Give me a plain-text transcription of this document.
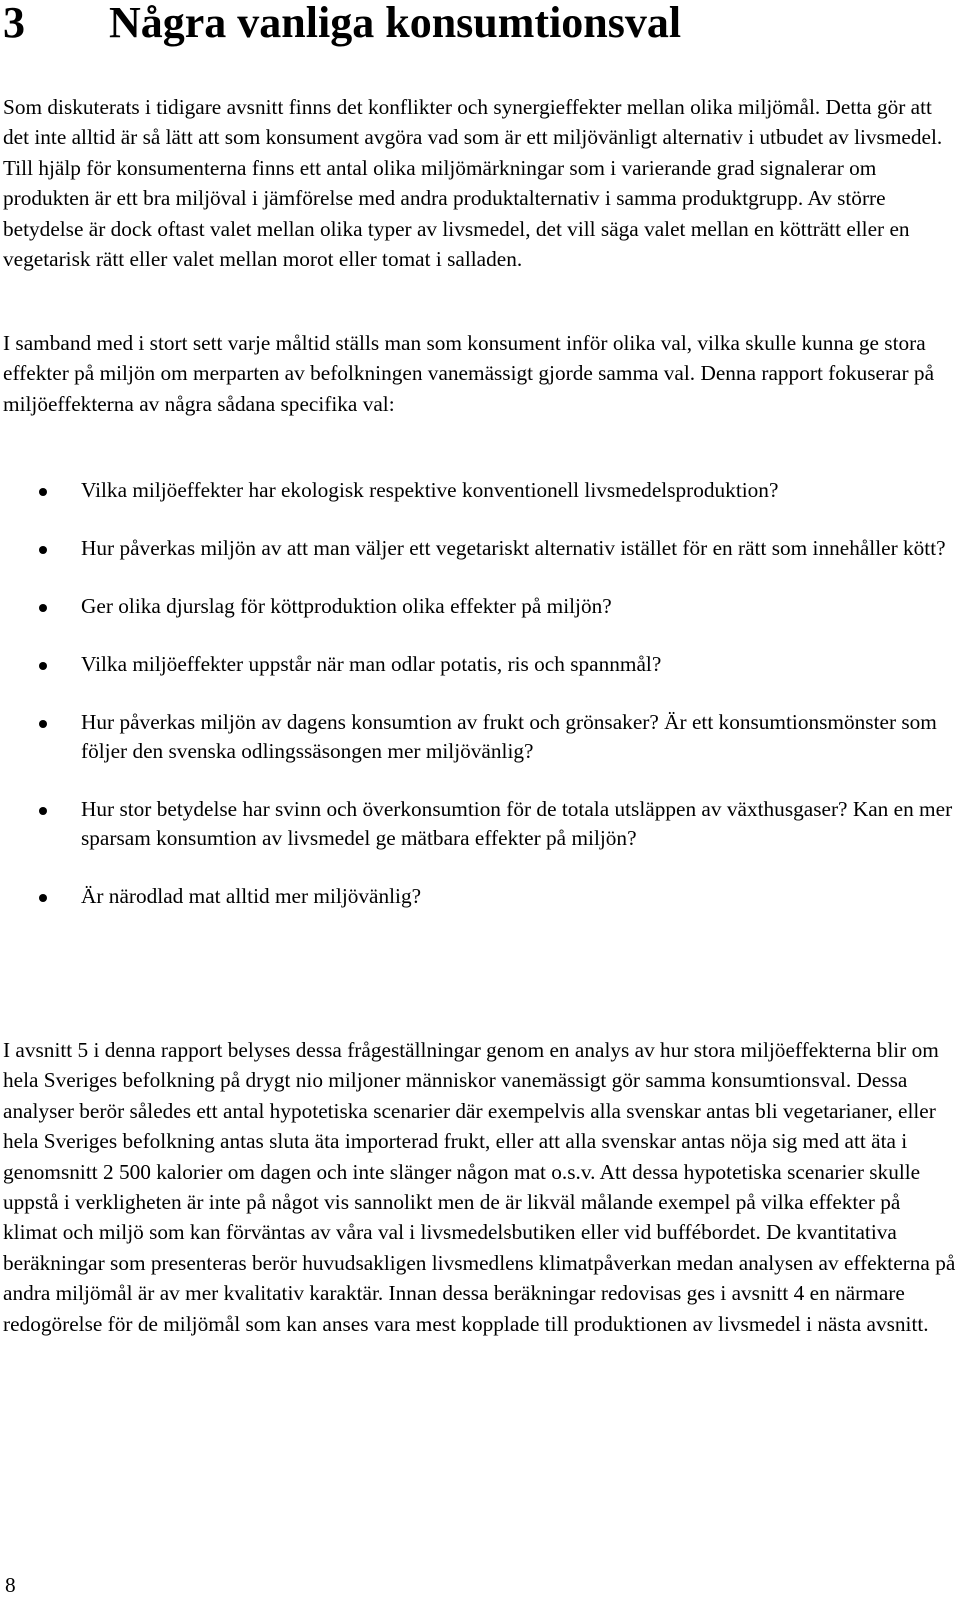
3	Några vanliga konsumtionsval

Som diskuterats i tidigare avsnitt finns det konflikter och synergieffekter mellan olika miljömål. Detta gör att det inte alltid är så lätt att som konsument avgöra vad som är ett miljövänligt alternativ i utbudet av livsmedel. Till hjälp för konsumenterna finns ett antal olika miljömärkningar som i varierande grad signalerar om produkten är ett bra miljöval i jämförelse med andra produktalternativ i samma produktgrupp. Av större betydelse är dock oftast valet mellan olika typer av livsmedel, det vill säga valet mellan en kötträtt eller en vegetarisk rätt eller valet mellan morot eller tomat i salladen.

I samband med i stort sett varje måltid ställs man som konsument inför olika val, vilka skulle kunna ge stora effekter på miljön om merparten av befolkningen vanemässigt gjorde samma val. Denna rapport fokuserar på miljöeffekterna av några sådana specifika val:

Vilka miljöeffekter har ekologisk respektive konventionell livsmedelsproduktion?
Hur påverkas miljön av att man väljer ett vegetariskt alternativ istället för en rätt som innehåller kött?
Ger olika djurslag för köttproduktion olika effekter på miljön?
Vilka miljöeffekter uppstår när man odlar potatis, ris och spannmål?
Hur påverkas miljön av dagens konsumtion av frukt och grönsaker? Är ett konsumtionsmönster som följer den svenska odlingssäsongen mer miljövänlig?
Hur stor betydelse har svinn och överkonsumtion för de totala utsläppen av växthusgaser? Kan en mer sparsam konsumtion av livsmedel ge mätbara effekter på miljön?
Är närodlad mat alltid mer miljövänlig?

I avsnitt 5 i denna rapport belyses dessa frågeställningar genom en analys av hur stora miljöeffekterna blir om hela Sveriges befolkning på drygt nio miljoner människor vanemässigt gör samma konsumtionsval. Dessa analyser berör således ett antal hypotetiska scenarier där exempelvis alla svenskar antas bli vegetarianer, eller hela Sveriges befolkning antas sluta äta importerad frukt, eller att alla svenskar antas nöja sig med att äta i genomsnitt 2 500 kalorier om dagen och inte slänger någon mat o.s.v. Att dessa hypotetiska scenarier skulle uppstå i verkligheten är inte på något vis sannolikt men de är likväl målande exempel på vilka effekter på klimat och miljö som kan förväntas av våra val i livsmedelsbutiken eller vid buffébordet. De kvantitativa beräkningar som presenteras berör huvudsakligen livsmedlens klimatpåverkan medan analysen av effekterna på andra miljömål är av mer kvalitativ karaktär. Innan dessa beräkningar redovisas ges i avsnitt 4 en närmare redogörelse för de miljömål som kan anses vara mest kopplade till produktionen av livsmedel i nästa avsnitt.

8
